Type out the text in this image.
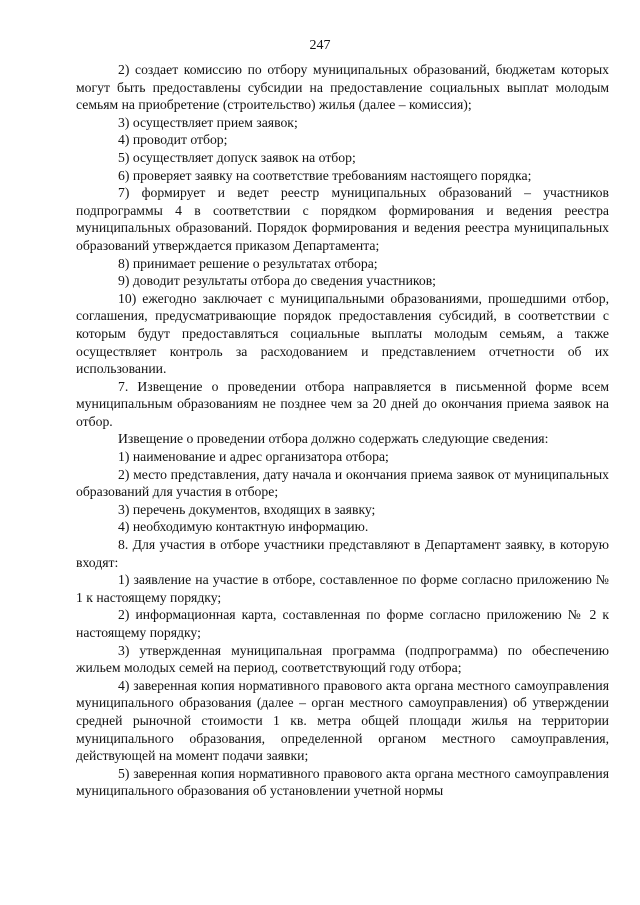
247

2) создает комиссию по отбору муниципальных образований, бюджетам которых могут быть предоставлены субсидии на предоставление социальных выплат молодым семьям на приобретение (строительство) жилья (далее – комиссия);

3) осуществляет прием заявок;

4) проводит отбор;

5) осуществляет допуск заявок на отбор;

6) проверяет заявку на соответствие требованиям настоящего порядка;

7) формирует и ведет реестр муниципальных образований – участников подпрограммы 4 в соответствии с порядком формирования и ведения реестра муниципальных образований. Порядок формирования и ведения реестра муниципальных образований утверждается приказом Департамента;

8) принимает решение о результатах отбора;

9) доводит результаты отбора до сведения участников;

10) ежегодно заключает с муниципальными образованиями, прошедшими отбор, соглашения, предусматривающие порядок предоставления субсидий, в соответствии с которым будут предоставляться социальные выплаты молодым семьям, а также осуществляет контроль за расходованием и представлением отчетности об их использовании.

7. Извещение о проведении отбора направляется в письменной форме всем муниципальным образованиям не позднее чем за 20 дней до окончания приема заявок на отбор.

Извещение о проведении отбора должно содержать следующие сведения:

1) наименование и адрес организатора отбора;

2) место представления, дату начала и окончания приема заявок от муниципальных образований для участия в отборе;

3) перечень документов, входящих в заявку;

4) необходимую контактную информацию.

8. Для участия в отборе участники представляют в Департамент заявку, в которую входят:

1) заявление на участие в отборе, составленное по форме согласно приложению № 1 к настоящему порядку;

2) информационная карта, составленная по форме согласно приложению № 2 к настоящему порядку;

3) утвержденная муниципальная программа (подпрограмма) по обеспечению жильем молодых семей на период, соответствующий году отбора;

4) заверенная копия нормативного правового акта органа местного самоуправления муниципального образования (далее – орган местного самоуправления) об утверждении средней рыночной стоимости 1 кв. метра общей площади жилья на территории муниципального образования, определенной органом местного самоуправления, действующей на момент подачи заявки;

5) заверенная копия нормативного правового акта органа местного самоуправления муниципального образования об установлении учетной нормы
